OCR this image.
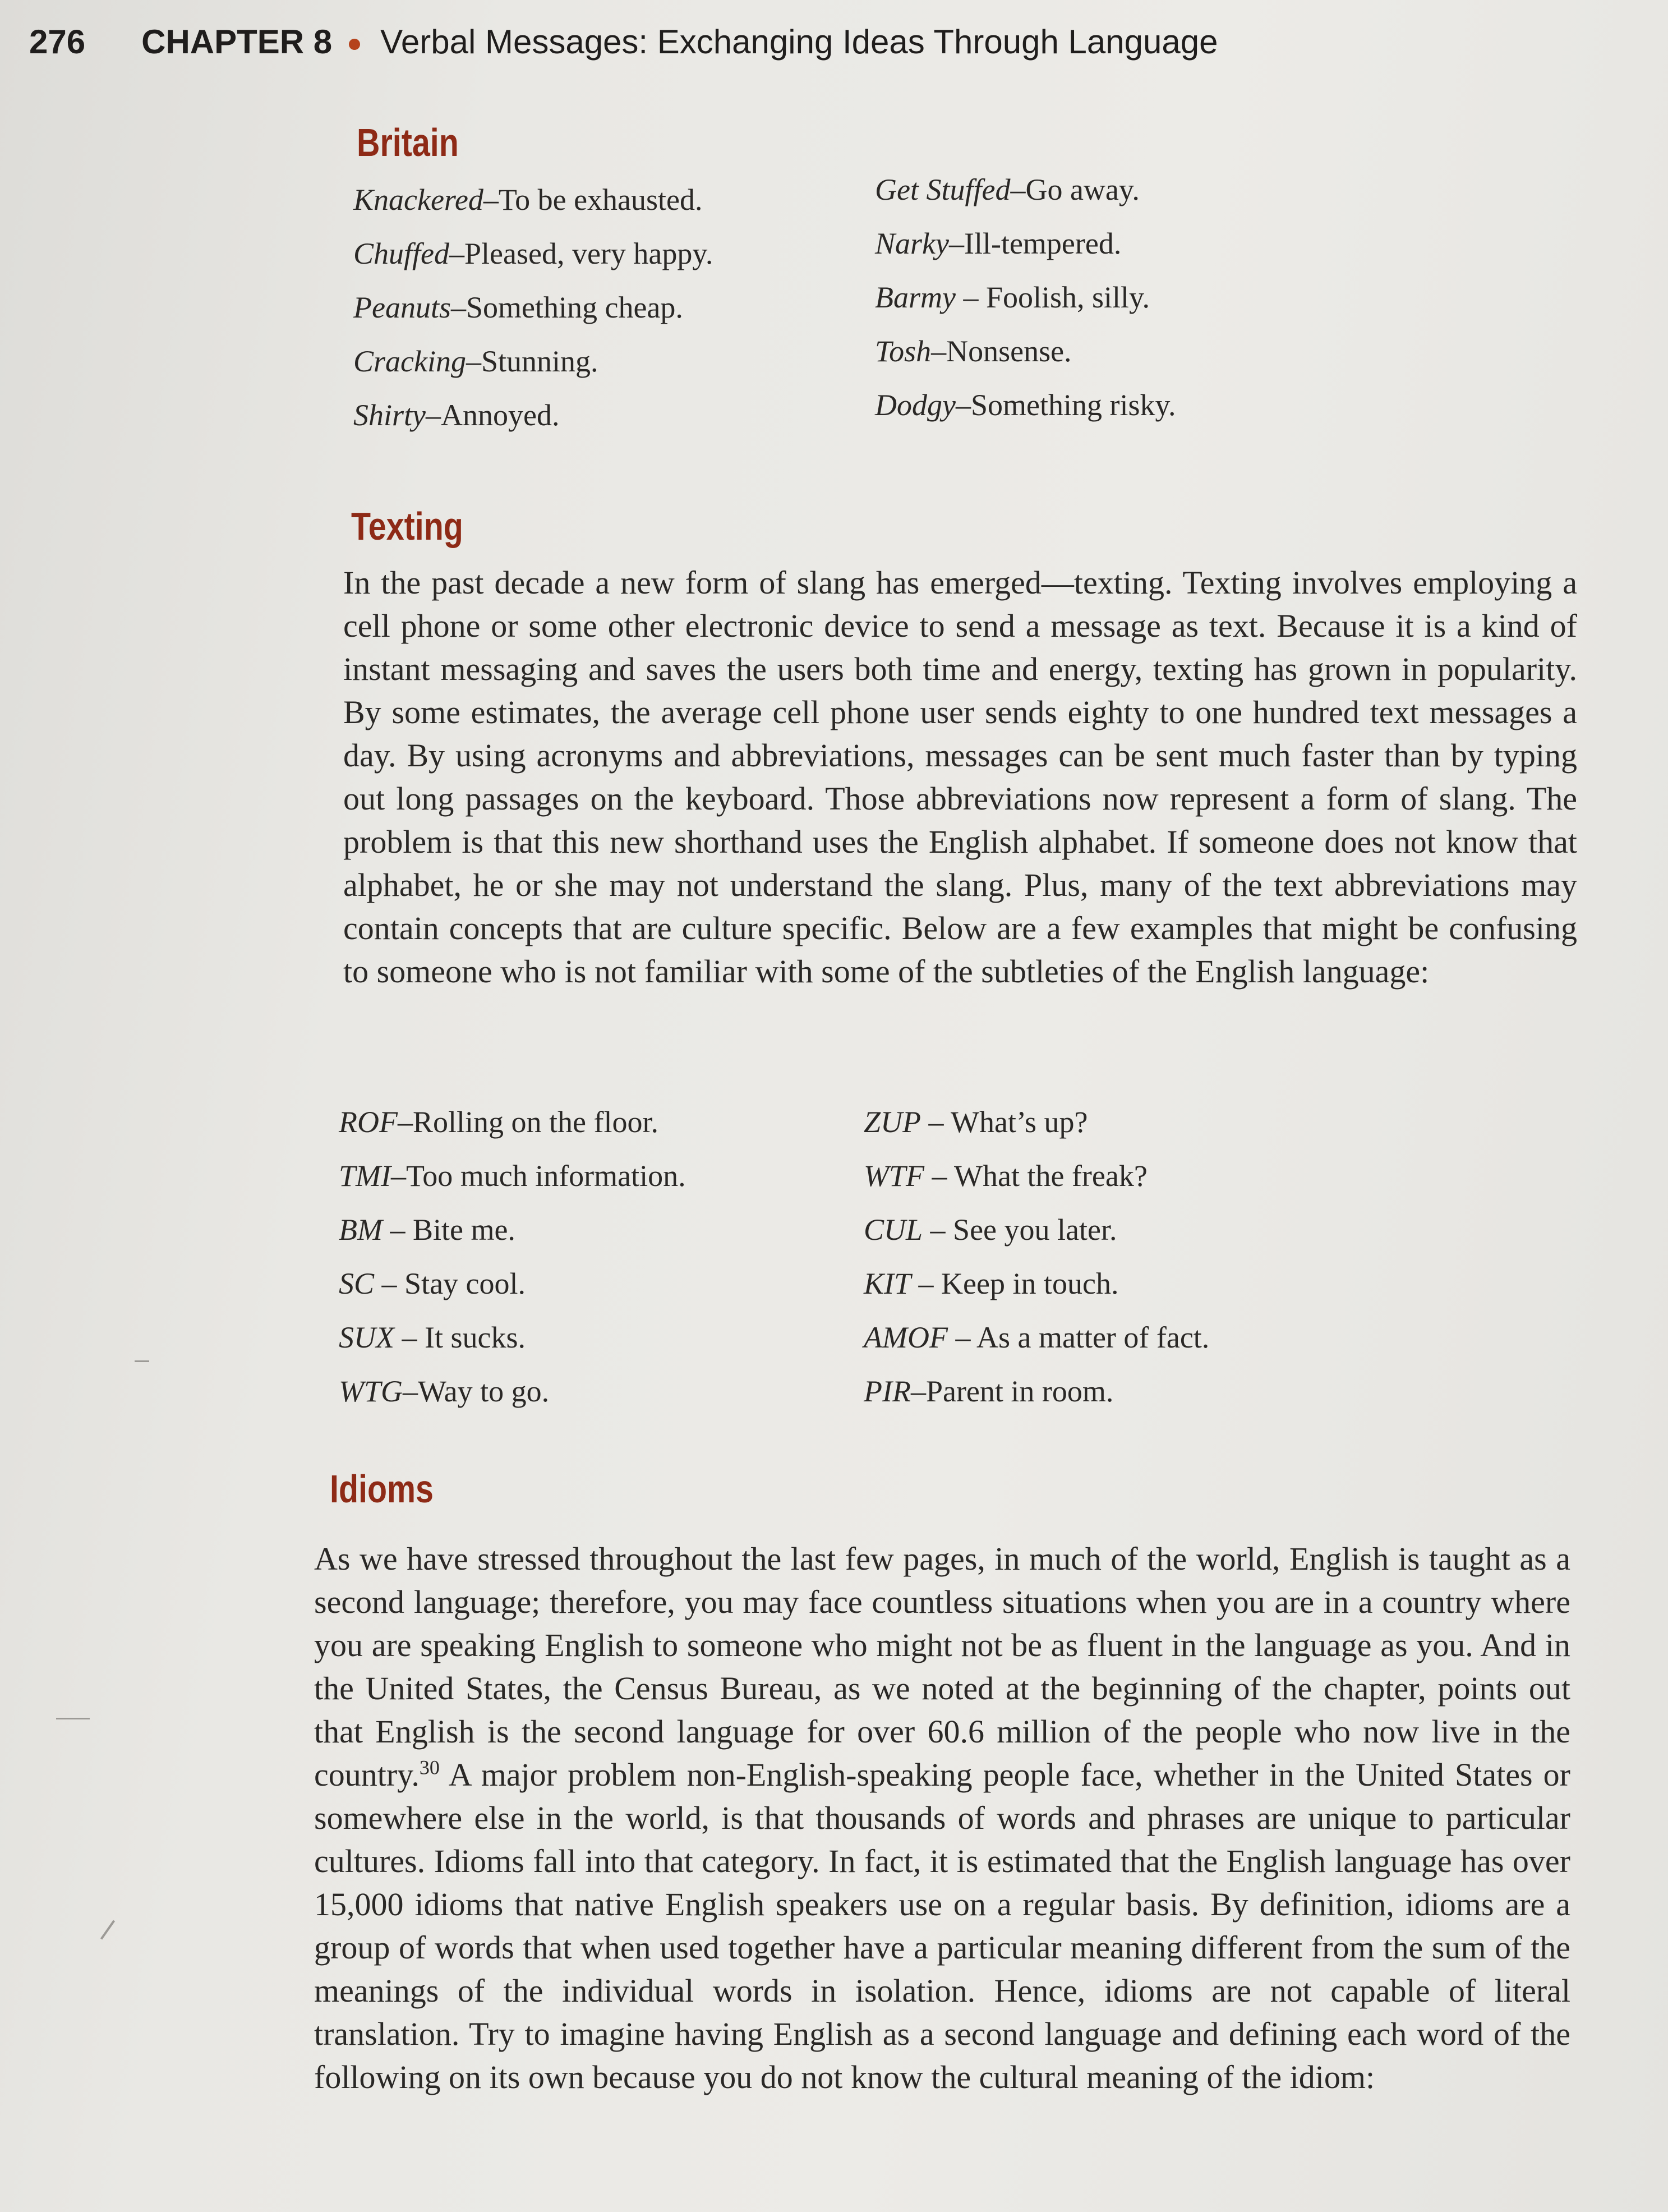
276 CHAPTER 8 Verbal Messages: Exchanging Ideas Through Language
Britain
Knackered–To be exhausted.
Chuffed–Pleased, very happy.
Peanuts–Something cheap.
Cracking–Stunning.
Shirty–Annoyed.
Get Stuffed–Go away.
Narky–Ill-tempered.
Barmy – Foolish, silly.
Tosh–Nonsense.
Dodgy–Something risky.
Texting
In the past decade a new form of slang has emerged—texting. Texting involves employing a cell phone or some other electronic device to send a message as text. Because it is a kind of instant messaging and saves the users both time and energy, texting has grown in popularity. By some estimates, the average cell phone user sends eighty to one hundred text messages a day. By using acronyms and abbreviations, messages can be sent much faster than by typing out long passages on the keyboard. Those abbreviations now represent a form of slang. The problem is that this new shorthand uses the English alphabet. If someone does not know that alphabet, he or she may not understand the slang. Plus, many of the text abbreviations may contain concepts that are culture specific. Below are a few examples that might be confusing to someone who is not familiar with some of the subtleties of the English language:
ROF–Rolling on the floor.
TMI–Too much information.
BM – Bite me.
SC – Stay cool.
SUX – It sucks.
WTG–Way to go.
ZUP – What’s up?
WTF – What the freak?
CUL – See you later.
KIT – Keep in touch.
AMOF – As a matter of fact.
PIR–Parent in room.
Idioms
As we have stressed throughout the last few pages, in much of the world, English is taught as a second language; therefore, you may face countless situations when you are in a country where you are speaking English to someone who might not be as fluent in the language as you. And in the United States, the Census Bureau, as we noted at the beginning of the chapter, points out that English is the second language for over 60.6 million of the people who now live in the country.$^{30}$ A major problem non-English-speaking people face, whether in the United States or somewhere else in the world, is that thousands of words and phrases are unique to particular cultures. Idioms fall into that category. In fact, it is estimated that the English language has over 15,000 idioms that native English speakers use on a regular basis. By definition, idioms are a group of words that when used together have a particular meaning different from the sum of the meanings of the individual words in isolation. Hence, idioms are not capable of literal translation. Try to imagine having English as a second language and defining each word of the following on its own because you do not know the cultural meaning of the idiom:
